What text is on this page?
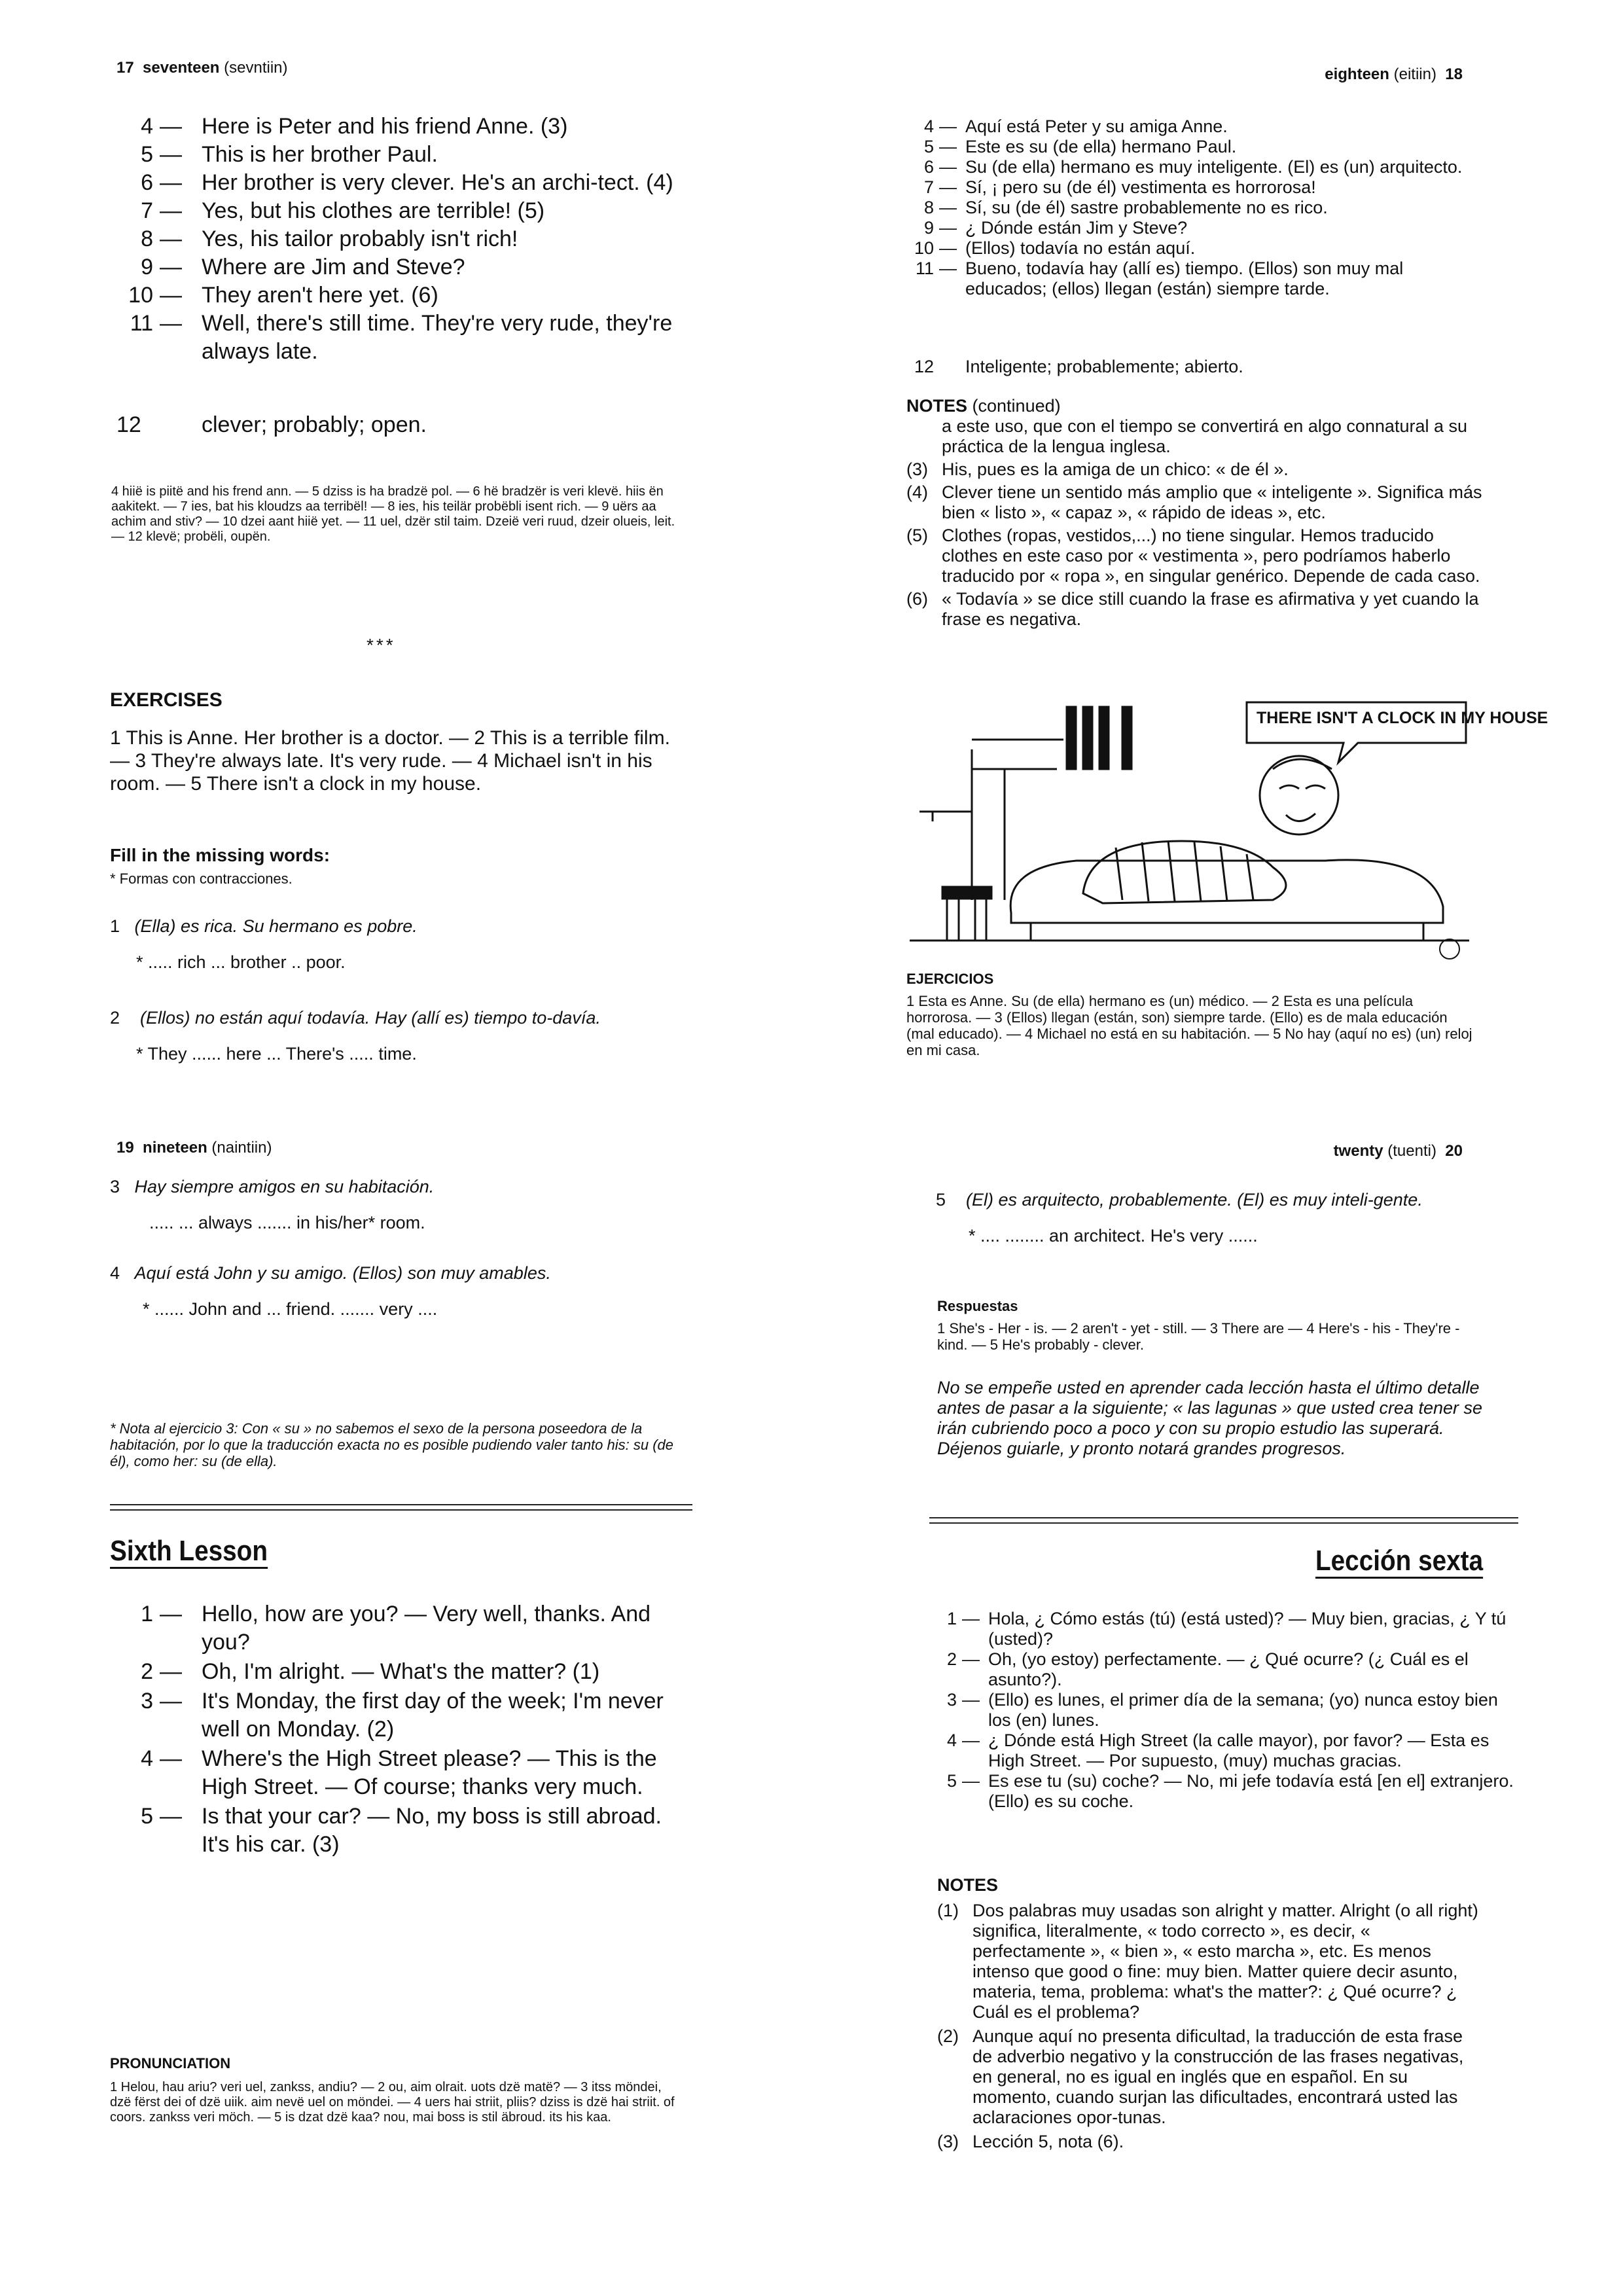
17 seventeen (sevntiin)	eighteen (eitiin) 18
19 nineteen (naintiin)	twenty (tuenti) 20
4 — Here is Peter and his friend Anne. (3)
5 — This is her brother Paul.
6 — Her brother is very clever. He's an archi-tect. (4)
7 — Yes, but his clothes are terrible! (5)
8 — Yes, his tailor probably isn't rich!
9 — Where are Jim and Steve?
10 — They aren't here yet. (6)
11 — Well, there's still time. They're very rude, they're always late.
12	clever; probably; open.
4 hiië is piitë and his frend ann. — 5 dziss is ha bradzë pol. — 6 hë bradzër is veri klevë. hiis ën aakitekt. — 7 ies, bat his kloudzs aa terribël! — 8 ies, his teilär probëbli isent rich. — 9 uërs aa achim and stiv? — 10 dzei aant hiië yet. — 11 uel, dzër stil taim. Dzeië veri ruud, dzeir olueis, leit. — 12 klevë; probëli, oupën.
***
EXERCISES
1 This is Anne. Her brother is a doctor. — 2 This is a terrible film. — 3 They're always late. It's very rude. — 4 Michael isn't in his room. — 5 There isn't a clock in my house.
Fill in the missing words:
* Formas con contracciones.
1 (Ella) es rica. Su hermano es pobre.
* ..... rich ... brother .. poor.
2 (Ellos) no están aquí todavía. Hay (allí es) tiempo to-davía.
* They ...... here ... There's ..... time.
4 — Aquí está Peter y su amiga Anne.
5 — Este es su (de ella) hermano Paul.
6 — Su (de ella) hermano es muy inteligente. (El) es (un) arquitecto.
7 — Sí, ¡ pero su (de él) vestimenta es horrorosa!
8 — Sí, su (de él) sastre probablemente no es rico.
9 — ¿ Dónde están Jim y Steve?
10 — (Ellos) todavía no están aquí.
11 — Bueno, todavía hay (allí es) tiempo. (Ellos) son muy mal educados; (ellos) llegan (están) siempre tarde.
12 Inteligente; probablemente; abierto.
NOTES (continued)
a este uso, que con el tiempo se convertirá en algo connatural a su práctica de la lengua inglesa.
(3) His, pues es la amiga de un chico: « de él ».
(4) Clever tiene un sentido más amplio que « inteligente ». Significa más bien « listo », « capaz », « rápido de ideas », etc.
(5) Clothes (ropas, vestidos,...) no tiene singular. Hemos traducido clothes en este caso por « vestimenta », pero podríamos haberlo traducido por « ropa », en singular genérico. Depende de cada caso.
(6) « Todavía » se dice still cuando la frase es afirmativa y yet cuando la frase es negativa.
THERE ISN'T A CLOCK IN MY HOUSE
EJERCICIOS
1 Esta es Anne. Su (de ella) hermano es (un) médico. — 2 Esta es una película horrorosa. — 3 (Ellos) llegan (están, son) siempre tarde. (Ello) es de mala educación (mal educado). — 4 Michael no está en su habitación. — 5 No hay (aquí no es) (un) reloj en mi casa.
3 Hay siempre amigos en su habitación.
..... ... always ....... in his/her* room.
4 Aquí está John y su amigo. (Ellos) son muy amables.
* ...... John and ... friend. ....... very ....
* Nota al ejercicio 3: Con « su » no sabemos el sexo de la persona poseedora de la habitación, por lo que la traducción exacta no es posible pudiendo valer tanto his: su (de él), como her: su (de ella).
Sixth Lesson
1 — Hello, how are you? — Very well, thanks. And you?
2 — Oh, I'm alright. — What's the matter? (1)
3 — It's Monday, the first day of the week; I'm never well on Monday. (2)
4 — Where's the High Street please? — This is the High Street. — Of course; thanks very much.
5 — Is that your car? — No, my boss is still abroad. It's his car. (3)
PRONUNCIATION
1 Helou, hau ariu? veri uel, zankss, andiu? — 2 ou, aim olrait. uots dzë matë? — 3 itss möndei, dzë fërst dei of dzë uiik. aim nevë uel on möndei. — 4 uers hai striit, pliis? dziss is dzë hai striit. of coors. zankss veri möch. — 5 is dzat dzë kaa? nou, mai boss is stil äbroud. its his kaa.
5 (El) es arquitecto, probablemente. (El) es muy inteli-gente.
* .... ........ an architect. He's very ......
Respuestas
1 She's - Her - is. — 2 aren't - yet - still. — 3 There are — 4 Here's - his - They're - kind. — 5 He's probably - clever.
No se empeñe usted en aprender cada lección hasta el último detalle antes de pasar a la siguiente; « las lagunas » que usted crea tener se irán cubriendo poco a poco y con su propio estudio las superará. Déjenos guiarle, y pronto notará grandes progresos.
Lección sexta
1 — Hola, ¿ Cómo estás (tú) (está usted)? — Muy bien, gracias, ¿ Y tú (usted)?
2 — Oh, (yo estoy) perfectamente. — ¿ Qué ocurre? (¿ Cuál es el asunto?).
3 — (Ello) es lunes, el primer día de la semana; (yo) nunca estoy bien los (en) lunes.
4 — ¿ Dónde está High Street (la calle mayor), por favor? — Esta es High Street. — Por supuesto, (muy) muchas gracias.
5 — Es ese tu (su) coche? — No, mi jefe todavía está [en el] extranjero. (Ello) es su coche.
NOTES
(1) Dos palabras muy usadas son alright y matter. Alright (o all right) significa, literalmente, « todo correcto », es decir, « perfectamente », « bien », « esto marcha », etc. Es menos intenso que good o fine: muy bien. Matter quiere decir asunto, materia, tema, problema: what's the matter?: ¿ Qué ocurre? ¿ Cuál es el problema?
(2) Aunque aquí no presenta dificultad, la traducción de esta frase de adverbio negativo y la construcción de las frases negativas, en general, no es igual en inglés que en español. En su momento, cuando surjan las dificultades, encontrará usted las aclaraciones opor-tunas.
(3) Lección 5, nota (6).
